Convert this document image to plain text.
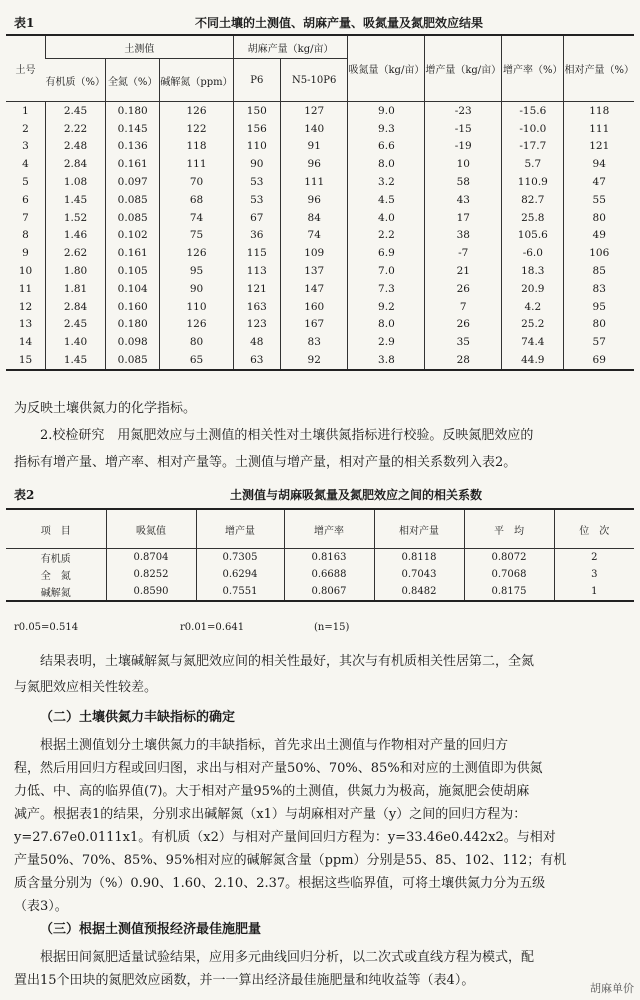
表1	不同土壤的土测值、胡麻产量、吸氮量及氮肥效应结果
土号	土测值			胡麻产量（kg/亩）		吸氮量（kg/亩）	增产量（kg/亩）	增产率（%）	相对产量（%）
	有机质（%）	全氮（%）	碱解氮（ppm）	P6	N5-10P6				
1	2.45	0.180	126	150	127	9.0	-23	-15.6	118
2	2.22	0.145	122	156	140	9.3	-15	-10.0	111
3	2.48	0.136	118	110	91	6.6	-19	-17.7	121
4	2.84	0.161	111	90	96	8.0	10	5.7	94
5	1.08	0.097	70	53	111	3.2	58	110.9	47
6	1.45	0.085	68	53	96	4.5	43	82.7	55
7	1.52	0.085	74	67	84	4.0	17	25.8	80
8	1.46	0.102	75	36	74	2.2	38	105.6	49
9	2.62	0.161	126	115	109	6.9	-7	-6.0	106
10	1.80	0.105	95	113	137	7.0	21	18.3	85
11	1.81	0.104	90	121	147	7.3	26	20.9	83
12	2.84	0.160	110	163	160	9.2	7	4.2	95
13	2.45	0.180	126	123	167	8.0	26	25.2	80
14	1.40	0.098	80	48	83	2.9	35	74.4	57
15	1.45	0.085	65	63	92	3.8	28	44.9	69
为反映土壤供氮力的化学指标。
2.校检研究　用氮肥效应与土测值的相关性对土壤供氮指标进行校验。反映氮肥效应的
指标有增产量、增产率、相对产量等。土测值与增产量，相对产量的相关系数列入表2。
表2	土测值与胡麻吸氮量及氮肥效应之间的相关系数
项　目	吸氮值	增产量	增产率	相对产量	平　均	位　次
有机质	0.8704	0.7305	0.8163	0.8118	0.8072	2
全　氮	0.8252	0.6294	0.6688	0.7043	0.7068	3
碱解氮	0.8590	0.7551	0.8067	0.8482	0.8175	1
r0.05=0.514	r0.01=0.641	(n=15)
结果表明，土壤碱解氮与氮肥效应间的相关性最好，其次与有机质相关性居第二，全氮
与氮肥效应相关性较差。
（二）土壤供氮力丰缺指标的确定
根据土测值划分土壤供氮力的丰缺指标，首先求出土测值与作物相对产量的回归方
程，然后用回归方程或回归图，求出与相对产量50%、70%、85%和对应的土测值即为供氮
力低、中、高的临界值(7)。大于相对产量95%的土测值，供氮力为极高，施氮肥会使胡麻
减产。根据表1的结果，分别求出碱解氮（x1）与胡麻相对产量（y）之间的回归方程为：
y=27.67e0.0111x1。有机质（x2）与相对产量间回归方程为：y=33.46e0.442x2。与相对
产量50%、70%、85%、95%相对应的碱解氮含量（ppm）分别是55、85、102、112；有机
质含量分别为（%）0.90、1.60、2.10、2.37。根据这些临界值，可将土壤供氮力分为五级
（表3）。
（三）根据土测值预报经济最佳施肥量
根据田间氮肥适量试验结果，应用多元曲线回归分析，以二次式或直线方程为模式，配
置出15个田块的氮肥效应函数，并一一算出经济最佳施肥量和纯收益等（表4）。
胡麻单价
